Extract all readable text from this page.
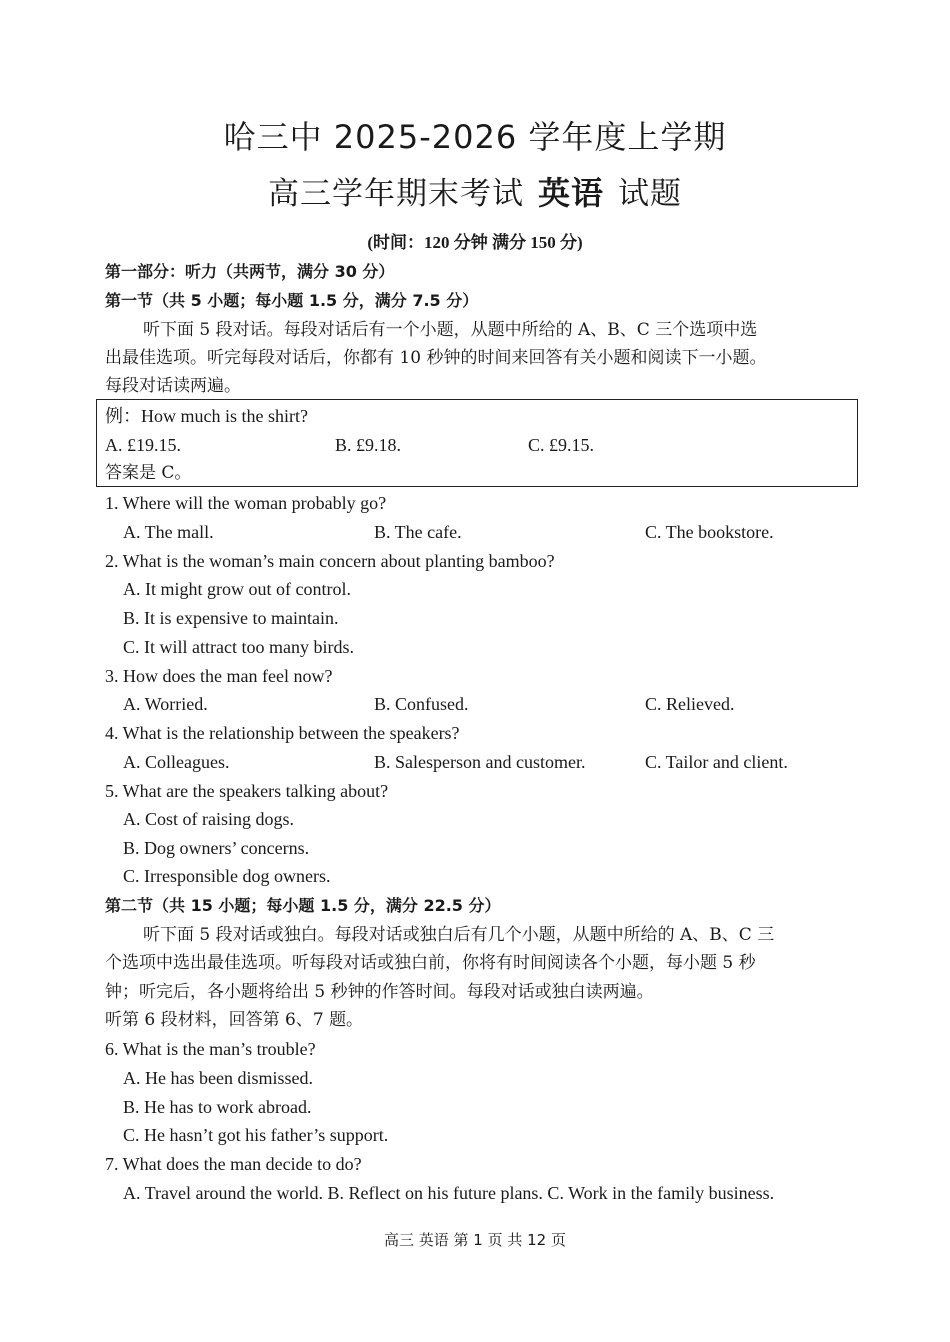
哈三中 2025-2026 学年度上学期
高三学年期末考试 英语 试题
(时间：120 分钟 满分 150 分)
第一部分：听力（共两节，满分 30 分）
第一节（共 5 小题；每小题 1.5 分，满分 7.5 分）
听下面 5 段对话。每段对话后有一个小题，从题中所给的 A、B、C 三个选项中选
出最佳选项。听完每段对话后，你都有 10 秒钟的时间来回答有关小题和阅读下一小题。
每段对话读两遍。
例：How much is the shirt?
A. £19.15.	B. £9.18.	C. £9.15.
答案是 C。
1. Where will the woman probably go?
A. The mall.	B. The cafe.	C. The bookstore.
2. What is the woman’s main concern about planting bamboo?
A. It might grow out of control.
B. It is expensive to maintain.
C. It will attract too many birds.
3. How does the man feel now?
A. Worried.	B. Confused.	C. Relieved.
4. What is the relationship between the speakers?
A. Colleagues.	B. Salesperson and customer.	C. Tailor and client.
5. What are the speakers talking about?
A. Cost of raising dogs.
B. Dog owners’ concerns.
C. Irresponsible dog owners.
第二节（共 15 小题；每小题 1.5 分，满分 22.5 分）
听下面 5 段对话或独白。每段对话或独白后有几个小题，从题中所给的 A、B、C 三
个选项中选出最佳选项。听每段对话或独白前，你将有时间阅读各个小题，每小题 5 秒
钟；听完后，各小题将给出 5 秒钟的作答时间。每段对话或独白读两遍。
听第 6 段材料，回答第 6、7 题。
6. What is the man’s trouble?
A. He has been dismissed.
B. He has to work abroad.
C. He hasn’t got his father’s support.
7. What does the man decide to do?
A. Travel around the world. B. Reflect on his future plans. C. Work in the family business.
高三 英语 第 1 页 共 12 页
